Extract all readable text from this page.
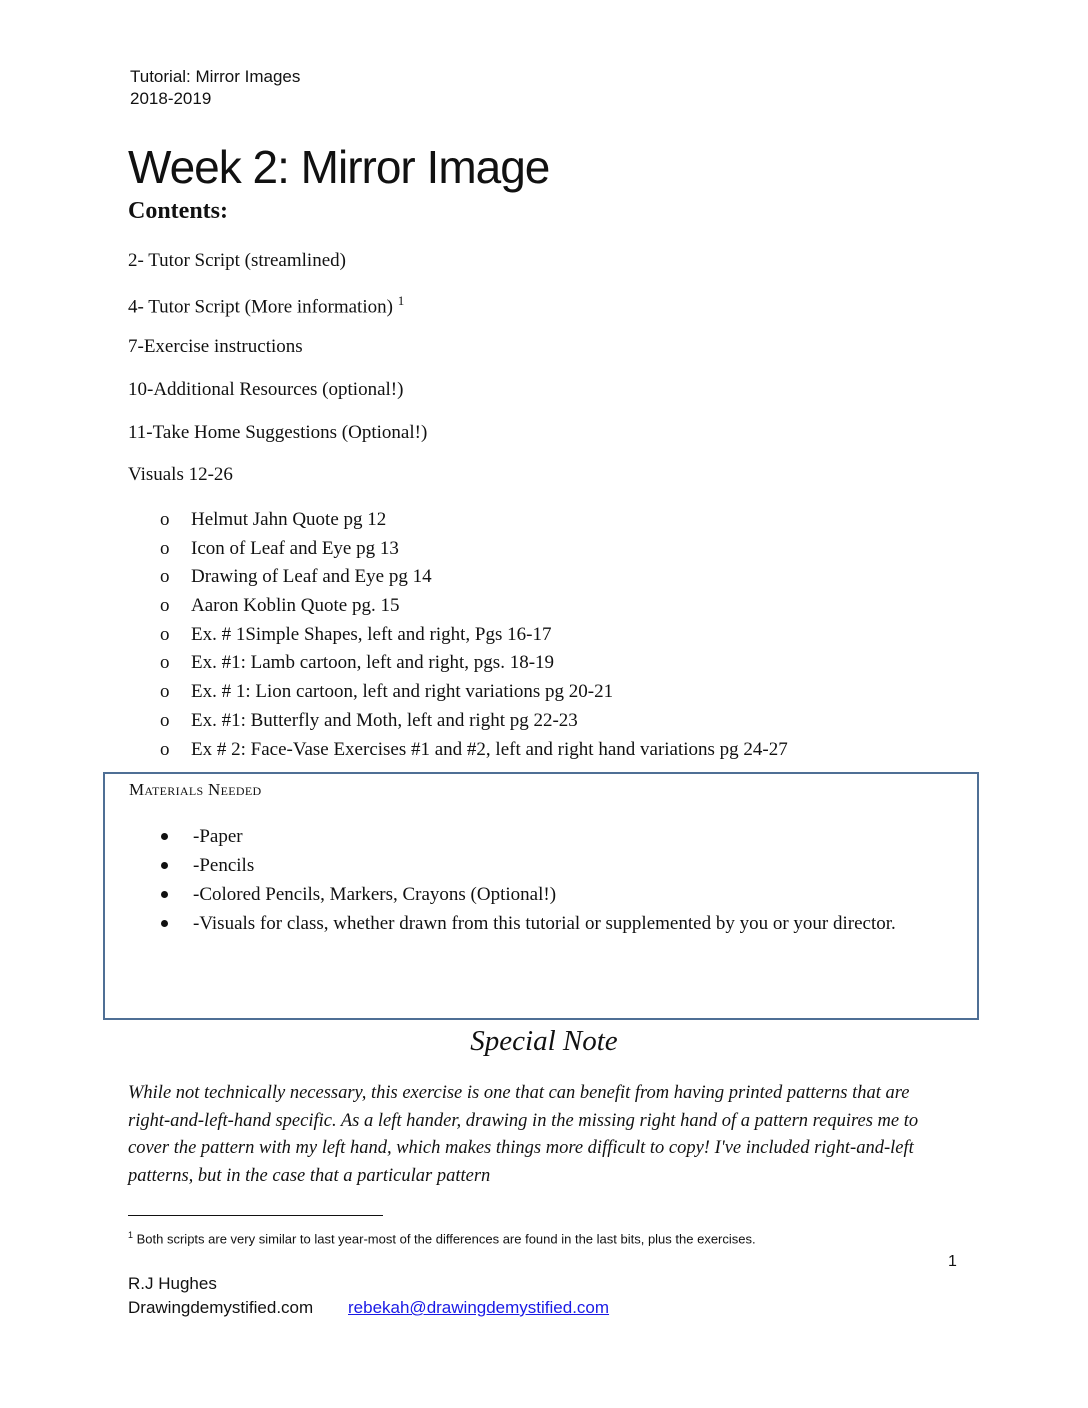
Tutorial: Mirror Images
2018-2019
Week 2: Mirror Image
Contents:
2- Tutor Script (streamlined)
4- Tutor Script (More information) $^1$
7-Exercise instructions
10-Additional Resources (optional!)
11-Take Home Suggestions (Optional!)
Visuals 12-26
o	Helmut Jahn Quote pg 12
o	Icon of Leaf and Eye pg 13
o	Drawing of Leaf and Eye pg 14
o	Aaron Koblin Quote pg. 15
o	Ex. # 1Simple Shapes, left and right, Pgs 16-17
o	Ex. #1: Lamb cartoon, left and right, pgs. 18-19
o	Ex. # 1: Lion cartoon, left and right variations pg 20-21
o	Ex. #1: Butterfly and Moth, left and right pg 22-23
o	Ex # 2: Face-Vase Exercises #1 and #2, left and right hand variations pg 24-27
Materials Needed
-Paper
-Pencils
-Colored Pencils, Markers, Crayons (Optional!)
-Visuals for class, whether drawn from this tutorial or supplemented by you or your director.
Special Note
While not technically necessary, this exercise is one that can benefit from having printed patterns that are right-and-left-hand specific. As a left hander, drawing in the missing right hand of a pattern requires me to cover the pattern with my left hand, which makes things more difficult to copy! I've included right-and-left patterns, but in the case that a particular pattern
$^1$ Both scripts are very similar to last year-most of the differences are found in the last bits, plus the exercises.
1
R.J Hughes
Drawingdemystified.com rebekah@drawingdemystified.com
